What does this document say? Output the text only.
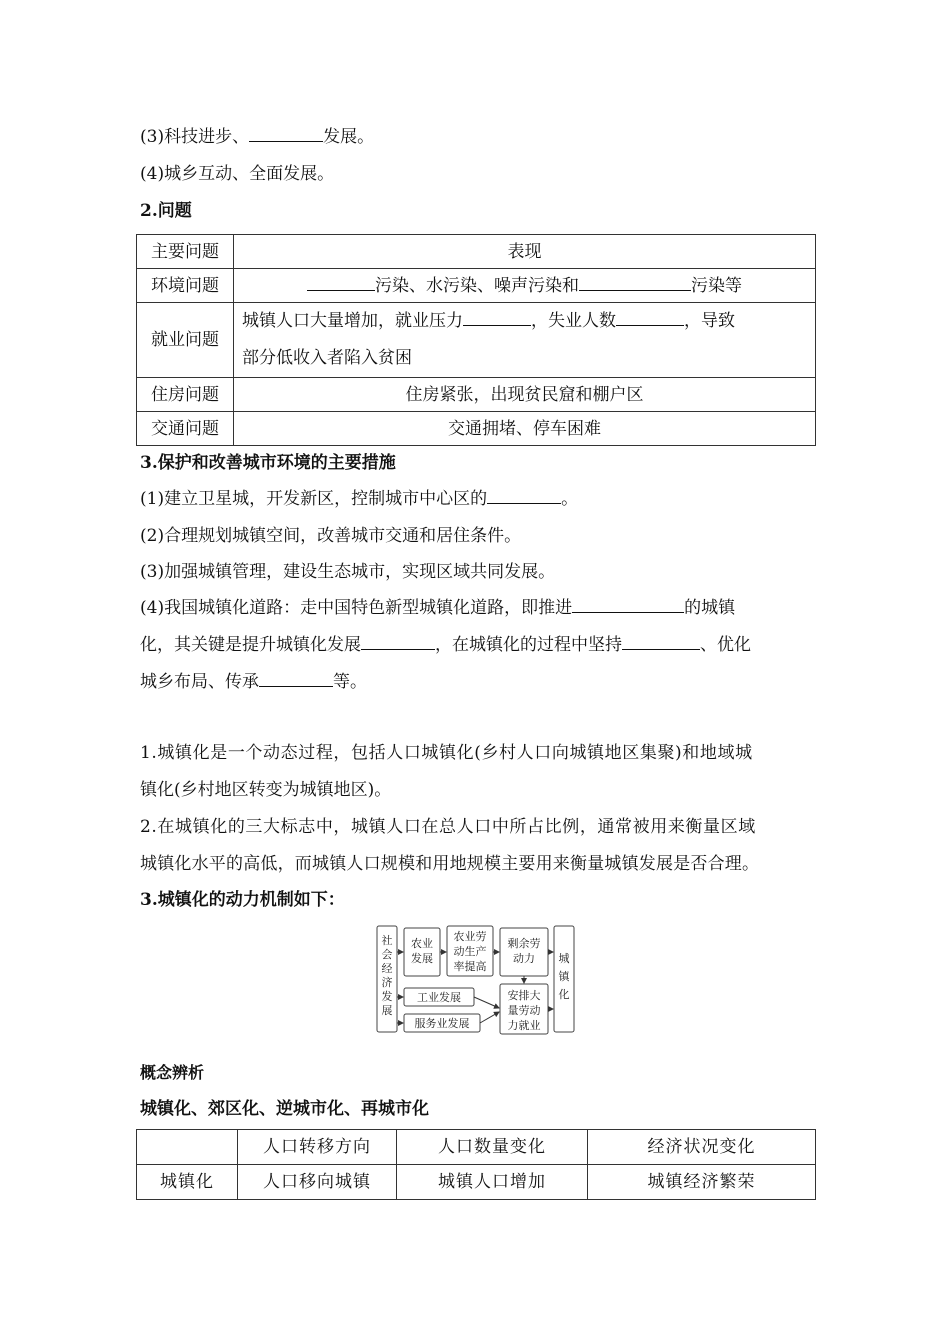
(3)科技进步、	发展。
(4)城乡互动、全面发展。
2.问题
主要问题	表现
环境问题	污染、水污染、噪声污染和 污染等
就业问题	城镇人口大量增加，就业压力 ，失业人数 ，导致
部分低收入者陷入贫困

住房问题	住房紧张，出现贫民窟和棚户区
交通问题	交通拥堵、停车困难
3.保护和改善城市环境的主要措施
(1)建立卫星城，开发新区，控制城市中心区的	。
(2)合理规划城镇空间，改善城市交通和居住条件。
(3)加强城镇管理，建设生态城市，实现区域共同发展。
(4)我国城镇化道路：走中国特色新型城镇化道路，即推进	的城镇
化，其关键是提升城镇化发展	，在城镇化的过程中坚持	、优化
城乡布局、传承	等。
1.城镇化是一个动态过程，包括人口城镇化(乡村人口向城镇地区集聚)和地域城
镇化(乡村地区转变为城镇地区)。
2.在城镇化的三大标志中，城镇人口在总人口中所占比例，通常被用来衡量区域
城镇化水平的高低，而城镇人口规模和用地规模主要用来衡量城镇发展是否合理。
3.城镇化的动力机制如下：
社
会
经
济
发
展
农业
发展
农业劳
动生产
率提高
剩余劳
动力 城
镇
化
工业发展
服务业发展
安排大
量劳动
力就业
概念辨析
城镇化、郊区化、逆城市化、再城市化
	人口转移方向	人口数量变化	经济状况变化
城镇化	人口移向城镇	城镇人口增加	城镇经济繁荣
